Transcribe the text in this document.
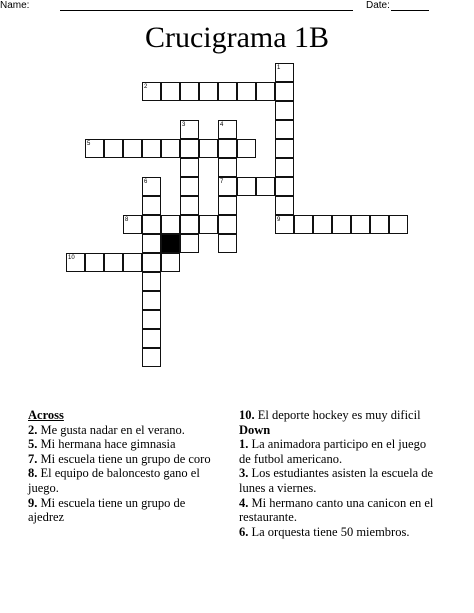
Name:	Date:
Crucigrama 1B
1
2
3	4
5
6	7
8	9
10
Across

2. Me gusta nadar en el verano.

5. Mi hermana hace gimnasia

7. Mi escuela tiene un grupo de coro

8. El equipo de baloncesto gano el juego.

9. Mi escuela tiene un grupo de ajedrez

10. El deporte hockey es muy dificil

Down

1. La animadora participo en el juego de futbol americano.

3. Los estudiantes asisten la escuela de lunes a viernes.

4. Mi hermano canto una canicon en el restaurante.

6. La orquesta tiene 50 miembros.
